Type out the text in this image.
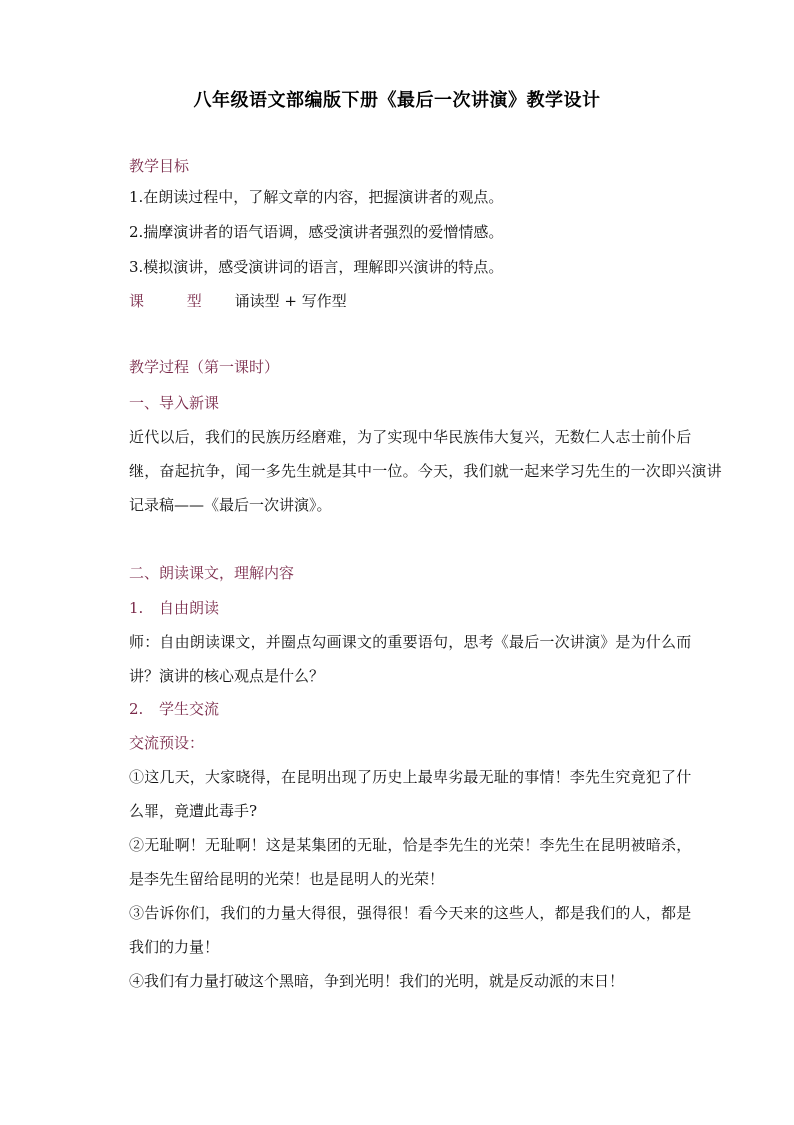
八年级语文部编版下册《最后一次讲演》教学设计
教学目标
1.在朗读过程中，了解文章的内容，把握演讲者的观点。
2.揣摩演讲者的语气语调，感受演讲者强烈的爱憎情感。
3.模拟演讲，感受演讲词的语言，理解即兴演讲的特点。
课	型 诵读型 + 写作型
教学过程（第一课时）
一、导入新课
近代以后，我们的民族历经磨难，为了实现中华民族伟大复兴，无数仁人志士前仆后
继，奋起抗争，闻一多先生就是其中一位。今天，我们就一起来学习先生的一次即兴演讲
记录稿——《最后一次讲演》。
二、朗读课文，理解内容
1. 自由朗读
师：自由朗读课文，并圈点勾画课文的重要语句，思考《最后一次讲演》是为什么而
讲？演讲的核心观点是什么？
2. 学生交流
交流预设：
①这几天，大家晓得，在昆明出现了历史上最卑劣最无耻的事情！李先生究竟犯了什
么罪，竟遭此毒手?
②无耻啊！无耻啊！这是某集团的无耻，恰是李先生的光荣！李先生在昆明被暗杀，
是李先生留给昆明的光荣！也是昆明人的光荣！
③告诉你们，我们的力量大得很，强得很！看今天来的这些人，都是我们的人，都是
我们的力量！
④我们有力量打破这个黑暗，争到光明！我们的光明，就是反动派的末日！
